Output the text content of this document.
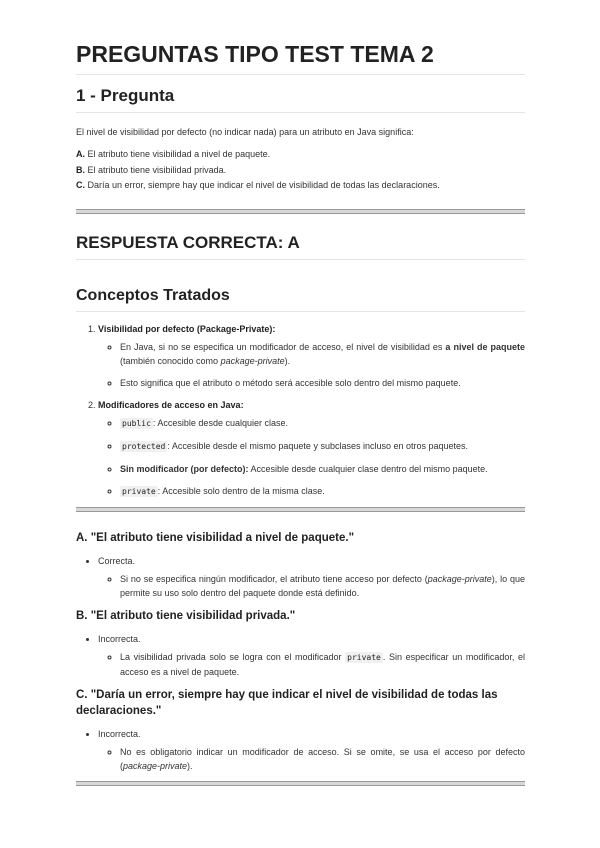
PREGUNTAS TIPO TEST TEMA 2
1 - Pregunta

El nivel de visibilidad por defecto (no indicar nada) para un atributo en Java significa:

A. El atributo tiene visibilidad a nivel de paquete.
B. El atributo tiene visibilidad privada.
C. Daría un error, siempre hay que indicar el nivel de visibilidad de todas las declaraciones.
RESPUESTA CORRECTA: A
Conceptos Tratados
1. Visibilidad por defecto (Package-Private):
◦ En Java, si no se especifica un modificador de acceso, el nivel de visibilidad es a nivel de paquete (también conocido como package-private).
◦ Esto significa que el atributo o método será accesible solo dentro del mismo paquete.
2. Modificadores de acceso en Java:
◦ public : Accesible desde cualquier clase.
◦ protected : Accesible desde el mismo paquete y subclases incluso en otros paquetes.
◦ Sin modificador (por defecto): Accesible desde cualquier clase dentro del mismo paquete.
◦ private : Accesible solo dentro de la misma clase.
A. "El atributo tiene visibilidad a nivel de paquete."
• Correcta.
◦ Si no se especifica ningún modificador, el atributo tiene acceso por defecto (package-private), lo que permite su uso solo dentro del paquete donde está definido.
B. "El atributo tiene visibilidad privada."
• Incorrecta.
◦ La visibilidad privada solo se logra con el modificador private . Sin especificar un modificador, el acceso es a nivel de paquete.
C. "Daría un error, siempre hay que indicar el nivel de visibilidad de todas las declaraciones."
• Incorrecta.
◦ No es obligatorio indicar un modificador de acceso. Si se omite, se usa el acceso por defecto (package-private).
